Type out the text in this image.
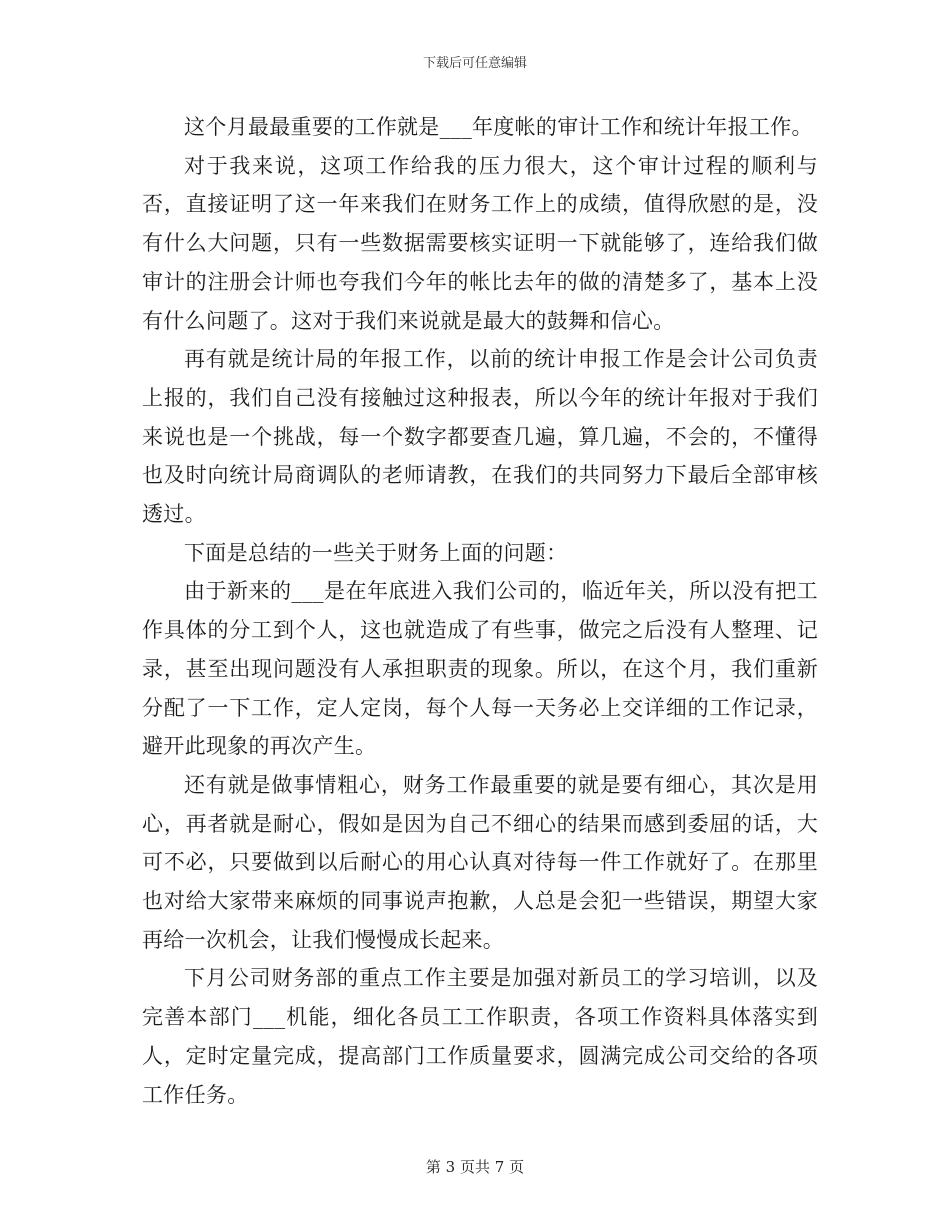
下载后可任意编辑

这个月最最重要的工作就是___年度帐的审计工作和统计年报工作。

对于我来说，这项工作给我的压力很大，这个审计过程的顺利与否，直接证明了这一年来我们在财务工作上的成绩，值得欣慰的是，没有什么大问题，只有一些数据需要核实证明一下就能够了，连给我们做审计的注册会计师也夸我们今年的帐比去年的做的清楚多了，基本上没有什么问题了。这对于我们来说就是最大的鼓舞和信心。

再有就是统计局的年报工作，以前的统计申报工作是会计公司负责上报的，我们自己没有接触过这种报表，所以今年的统计年报对于我们来说也是一个挑战，每一个数字都要查几遍，算几遍，不会的，不懂得也及时向统计局商调队的老师请教，在我们的共同努力下最后全部审核透过。

下面是总结的一些关于财务上面的问题：

由于新来的___是在年底进入我们公司的，临近年关，所以没有把工作具体的分工到个人，这也就造成了有些事，做完之后没有人整理、记录，甚至出现问题没有人承担职责的现象。所以，在这个月，我们重新分配了一下工作，定人定岗，每个人每一天务必上交详细的工作记录，避开此现象的再次产生。

还有就是做事情粗心，财务工作最重要的就是要有细心，其次是用心，再者就是耐心，假如是因为自己不细心的结果而感到委屈的话，大可不必，只要做到以后耐心的用心认真对待每一件工作就好了。在那里也对给大家带来麻烦的同事说声抱歉，人总是会犯一些错误，期望大家再给一次机会，让我们慢慢成长起来。

下月公司财务部的重点工作主要是加强对新员工的学习培训，以及完善本部门___机能，细化各员工工作职责，各项工作资料具体落实到人，定时定量完成，提高部门工作质量要求，圆满完成公司交给的各项工作任务。

第 3 页共 7 页
